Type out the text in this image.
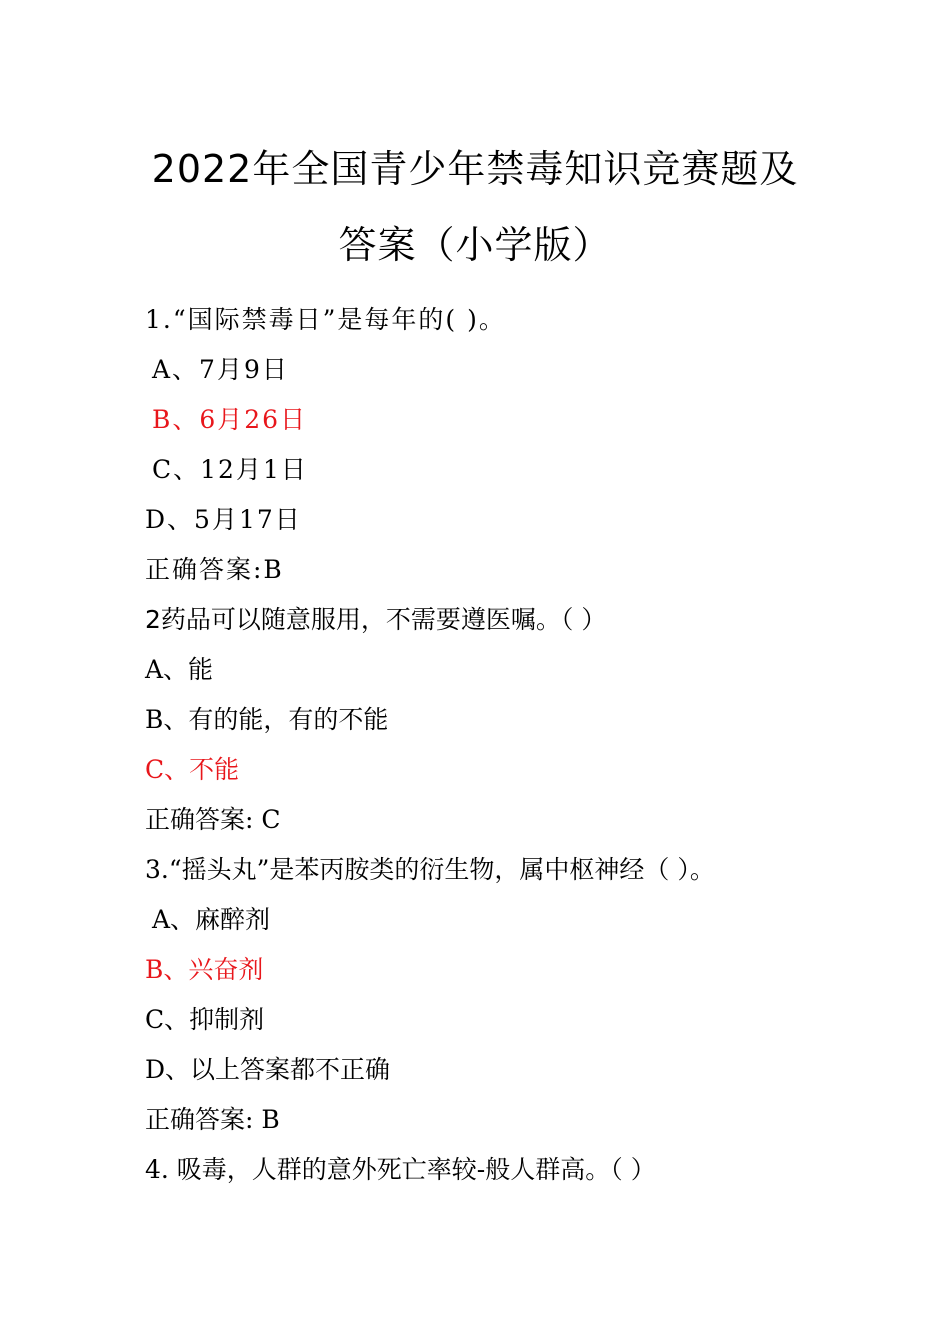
2022年全国青少年禁毒知识竞赛题及
答案（小学版）
1.“国际禁毒日”是每年的( )。
A、7月9日
B、6月26日
C、12月1日
D、5月17日
正确答案:B
2药品可以随意服用，不需要遵医嘱。（ ）
A、能
B、有的能，有的不能
C、不能
正确答案: C
3.“摇头丸”是苯丙胺类的衍生物，属中枢神经（ ）。
A、麻醉剂
B、兴奋剂
C、抑制剂
D、以上答案都不正确
正确答案: B
4. 吸毒，人群的意外死亡率较-般人群高。（ ）
